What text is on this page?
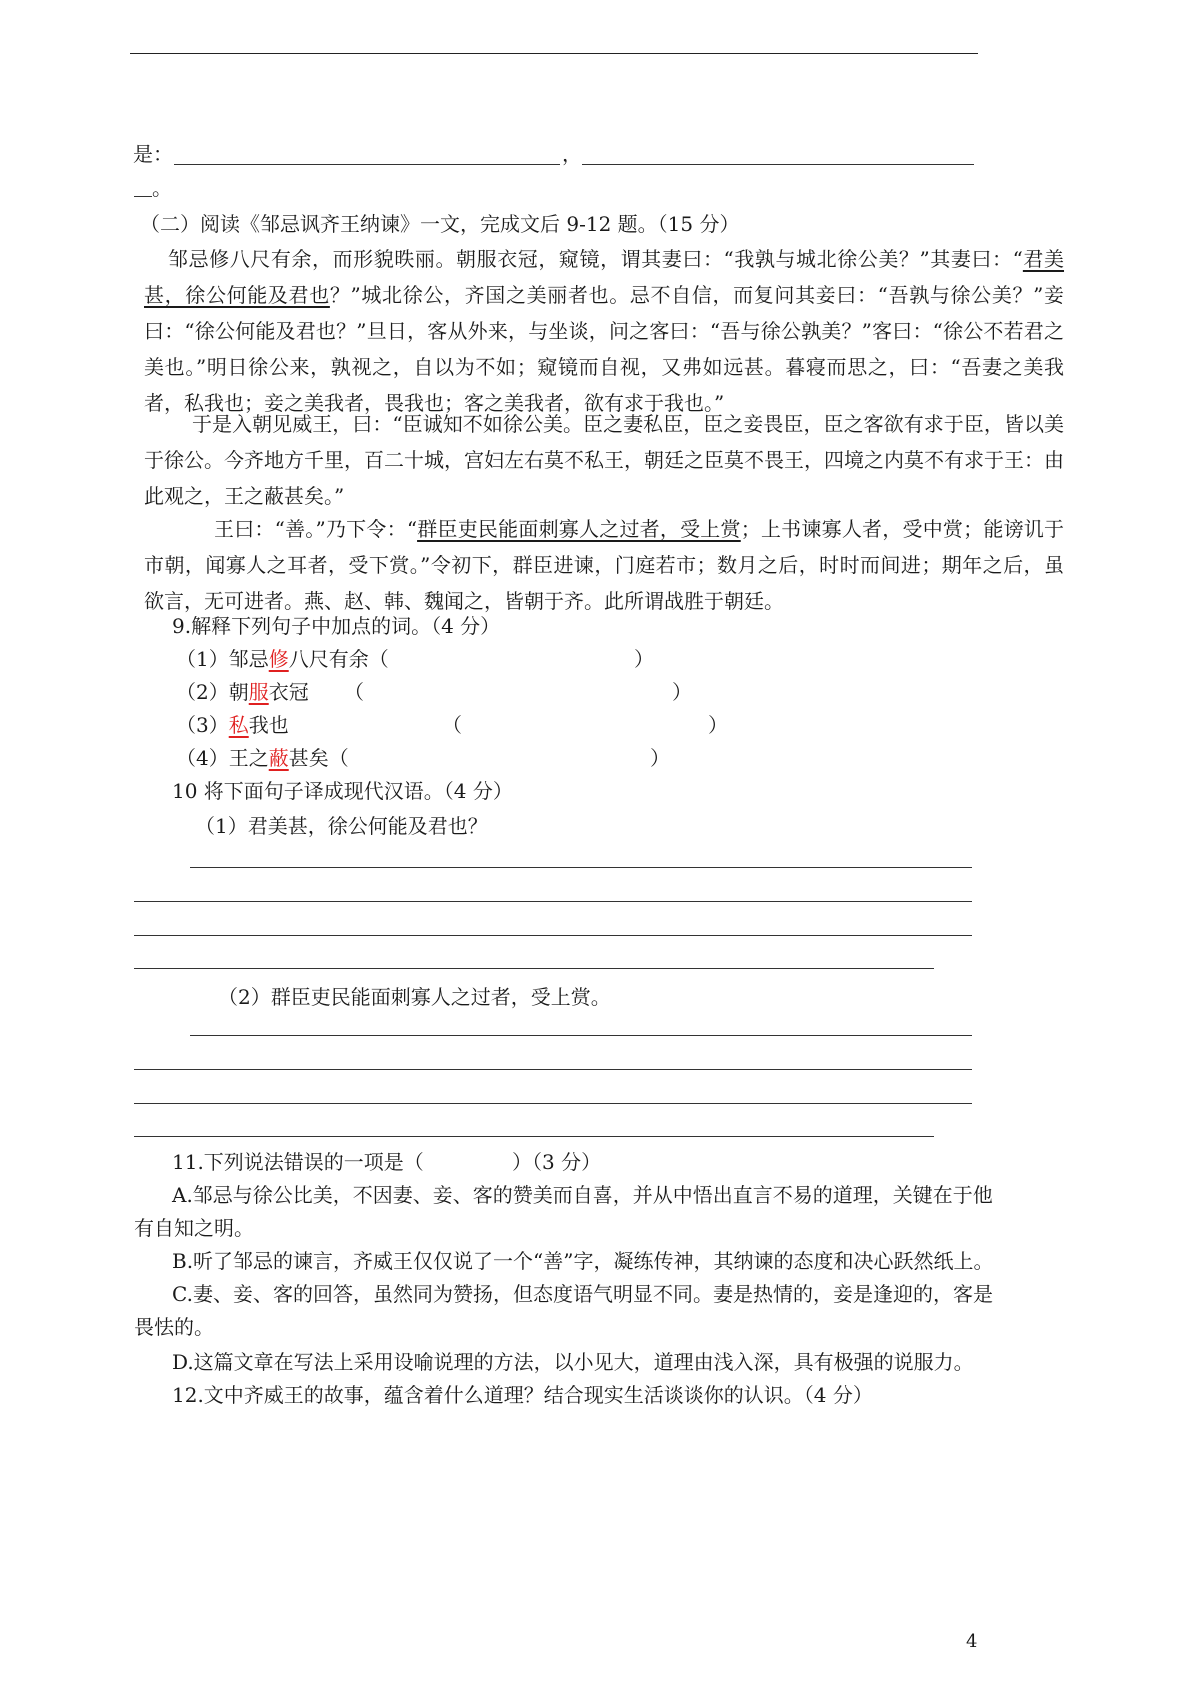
是：	，
。
（二）阅读《邹忌讽齐王纳谏》一文，完成文后 9-12 题。（15 分）
邹忌修八尺有余，而形貌昳丽。朝服衣冠，窥镜，谓其妻曰：“我孰与城北徐公美？”其妻曰：“君美甚，徐公何能及君也？”城北徐公，齐国之美丽者也。忌不自信，而复问其妾曰：“吾孰与徐公美？”妾曰：“徐公何能及君也？”旦日，客从外来，与坐谈，问之客曰：“吾与徐公孰美？”客曰：“徐公不若君之美也。”明日徐公来，孰视之，自以为不如；窥镜而自视，又弗如远甚。暮寝而思之，曰：“吾妻之美我者，私我也；妾之美我者，畏我也；客之美我者，欲有求于我也。”
于是入朝见威王，曰：“臣诚知不如徐公美。臣之妻私臣，臣之妾畏臣，臣之客欲有求于臣，皆以美于徐公。今齐地方千里，百二十城，宫妇左右莫不私王，朝廷之臣莫不畏王，四境之内莫不有求于王：由此观之，王之蔽甚矣。”
王曰：“善。”乃下令：“群臣吏民能面刺寡人之过者，受上赏；上书谏寡人者，受中赏；能谤讥于市朝，闻寡人之耳者，受下赏。”令初下，群臣进谏，门庭若市；数月之后，时时而间进；期年之后，虽欲言，无可进者。燕、赵、韩、魏闻之，皆朝于齐。此所谓战胜于朝廷。
9.解释下列句子中加点的词。（4 分）
（1）邹忌修八尺有余（	）
（2）朝服衣冠 （	）
（3）私我也	（	）
（4）王之蔽甚矣（	）
10 将下面句子译成现代汉语。（4 分）
（1）君美甚，徐公何能及君也？
（2）群臣吏民能面刺寡人之过者，受上赏。
11.下列说法错误的一项是（	）（3 分）
A.邹忌与徐公比美，不因妻、妾、客的赞美而自喜，并从中悟出直言不易的道理，关键在于他
有自知之明。
B.听了邹忌的谏言，齐威王仅仅说了一个“善”字，凝练传神，其纳谏的态度和决心跃然纸上。
C.妻、妾、客的回答，虽然同为赞扬，但态度语气明显不同。妻是热情的，妾是逢迎的，客是
畏怯的。
D.这篇文章在写法上采用设喻说理的方法，以小见大，道理由浅入深，具有极强的说服力。
12.文中齐威王的故事，蕴含着什么道理？结合现实生活谈谈你的认识。（4 分）
4
